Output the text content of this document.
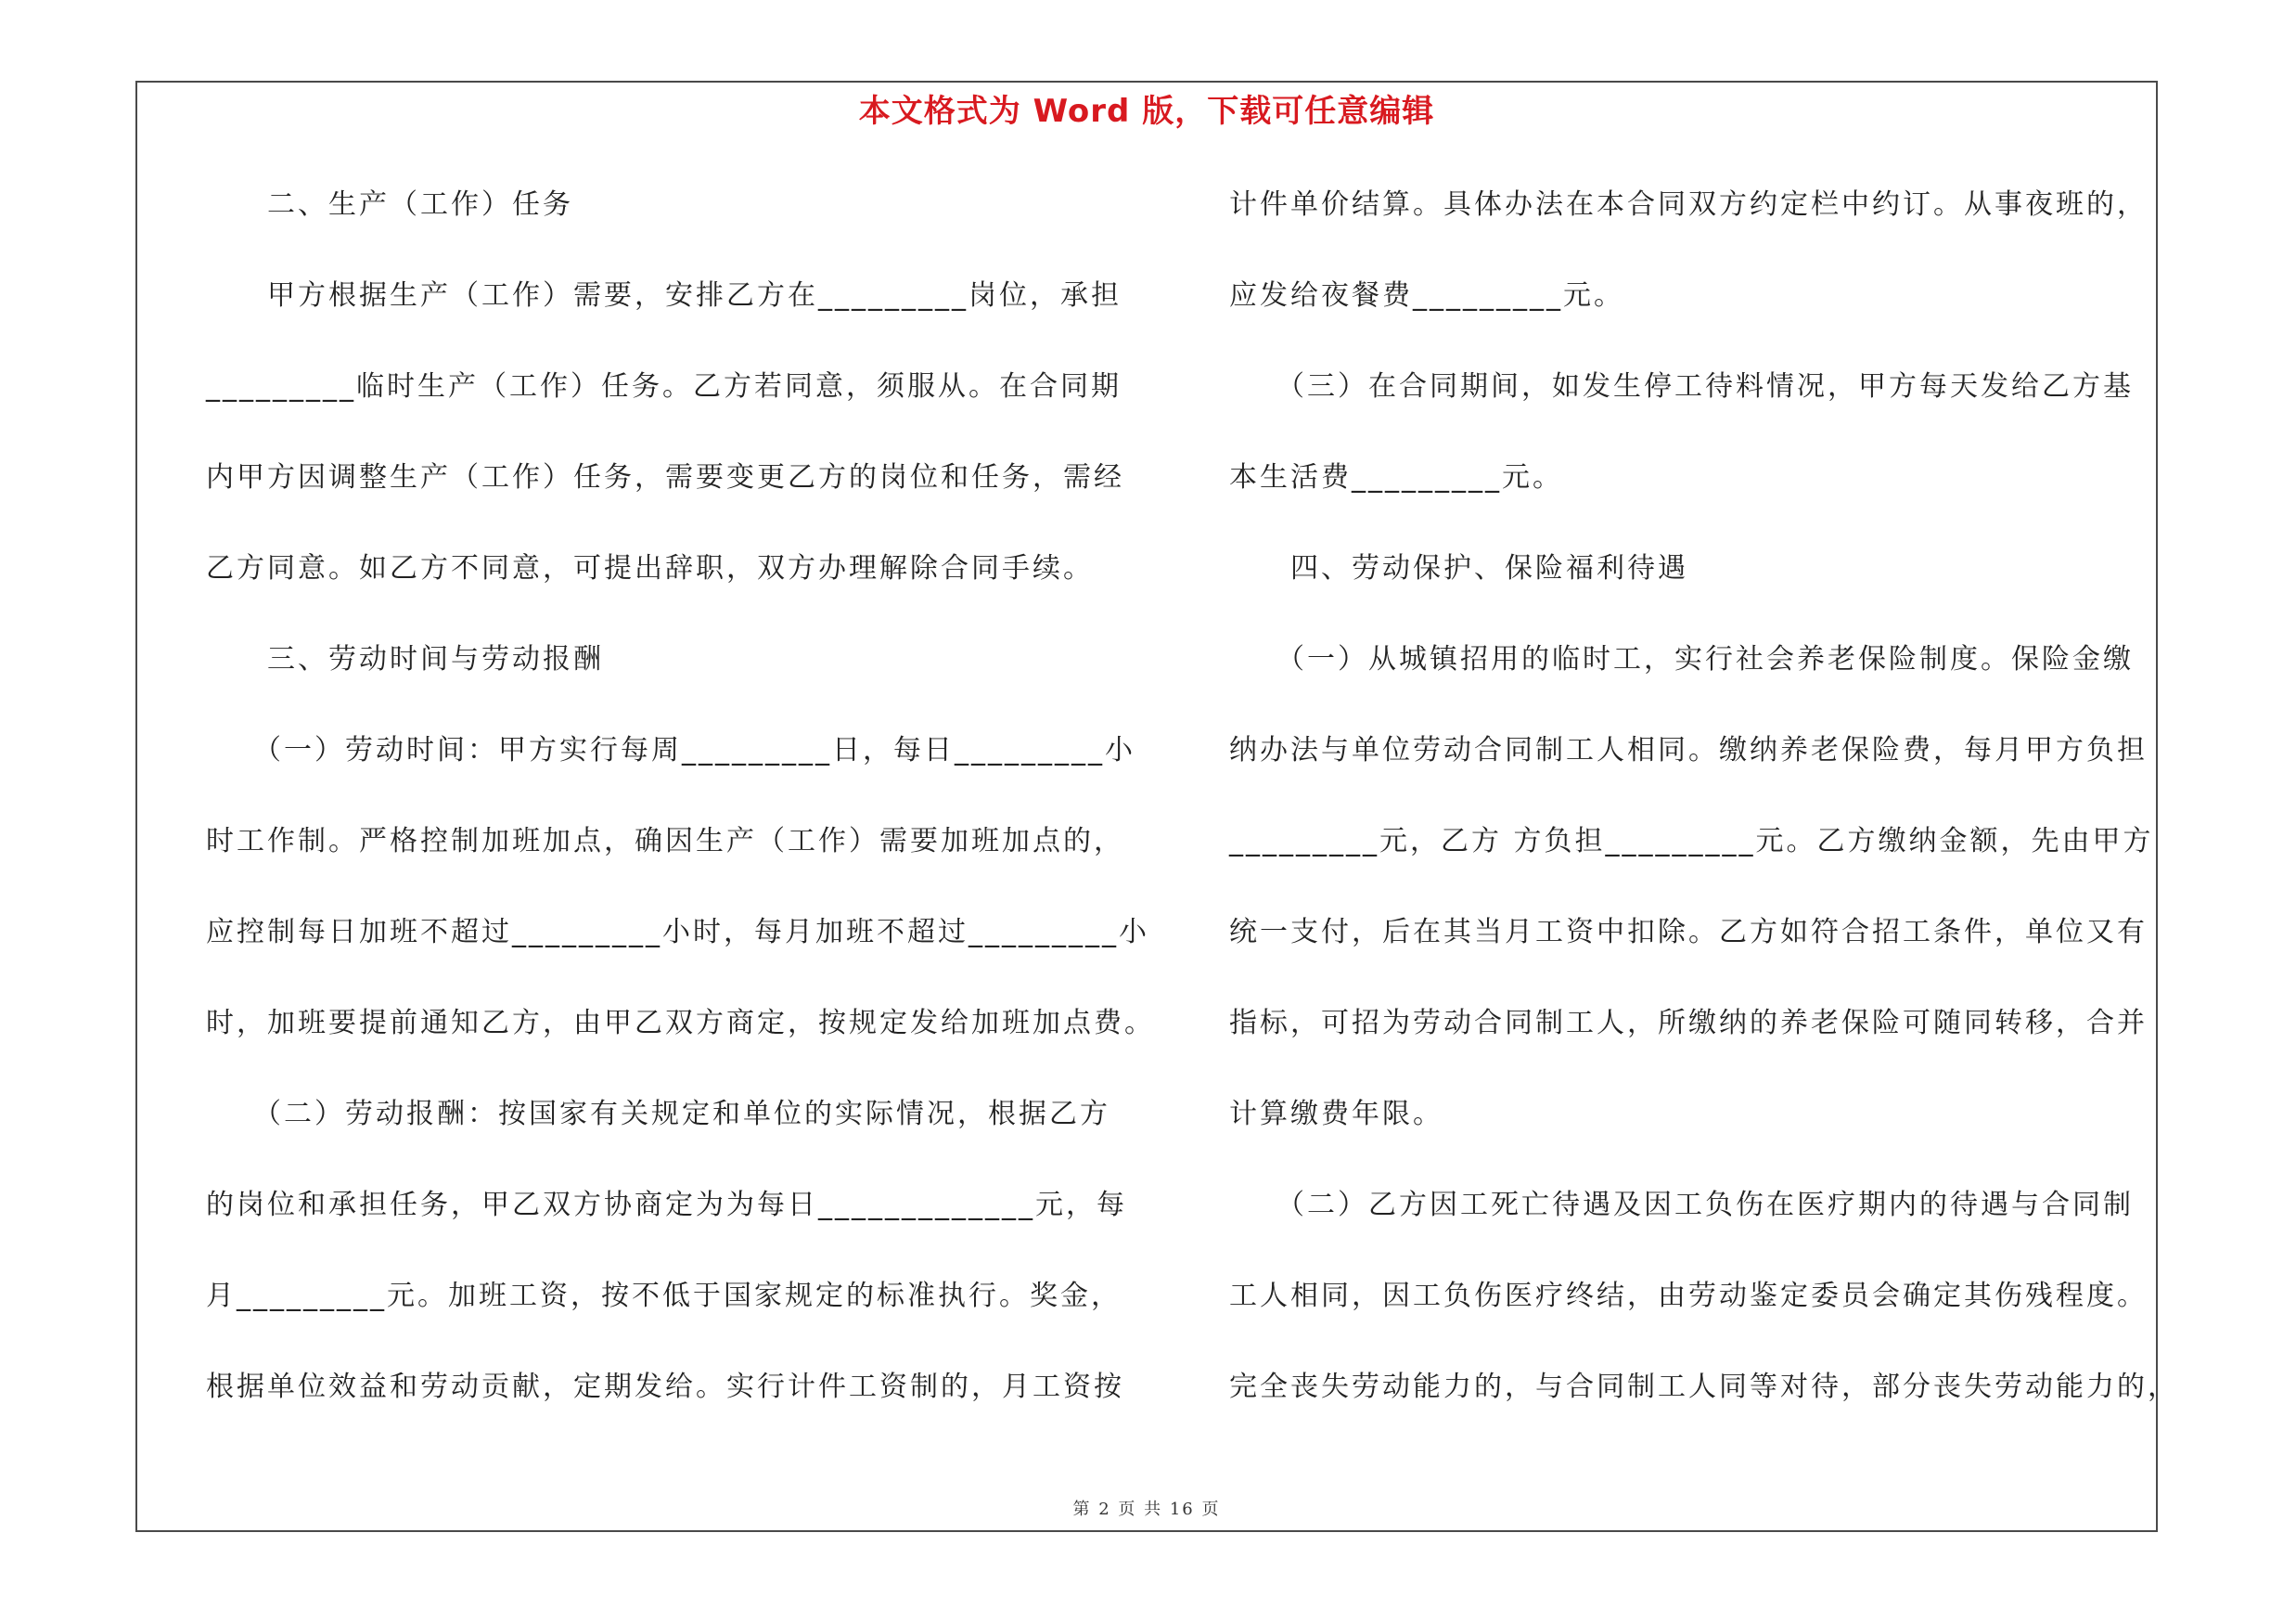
本文格式为 Word 版，下载可任意编辑
　　二、生产（工作）任务
　　甲方根据生产（工作）需要，安排乙方在_________岗位，承担
_________临时生产（工作）任务。乙方若同意，须服从。在合同期
内甲方因调整生产（工作）任务，需要变更乙方的岗位和任务，需经
乙方同意。如乙方不同意，可提出辞职，双方办理解除合同手续。
　　三、劳动时间与劳动报酬
　　（一）劳动时间：甲方实行每周_________日，每日_________小
时工作制。严格控制加班加点，确因生产（工作）需要加班加点的，
应控制每日加班不超过_________小时，每月加班不超过_________小
时，加班要提前通知乙方，由甲乙双方商定，按规定发给加班加点费。
　　（二）劳动报酬：按国家有关规定和单位的实际情况，根据乙方
的岗位和承担任务，甲乙双方协商定为为每日_____________元，每
月_________元。加班工资，按不低于国家规定的标准执行。奖金，
根据单位效益和劳动贡献，定期发给。实行计件工资制的，月工资按
计件单价结算。具体办法在本合同双方约定栏中约订。从事夜班的，
应发给夜餐费_________元。
　　（三）在合同期间，如发生停工待料情况，甲方每天发给乙方基
本生活费_________元。
　　四、劳动保护、保险福利待遇
　　（一）从城镇招用的临时工，实行社会养老保险制度。保险金缴
纳办法与单位劳动合同制工人相同。缴纳养老保险费，每月甲方负担
_________元，乙方 方负担_________元。乙方缴纳金额，先由甲方
统一支付，后在其当月工资中扣除。乙方如符合招工条件，单位又有
指标，可招为劳动合同制工人，所缴纳的养老保险可随同转移，合并
计算缴费年限。
　　（二）乙方因工死亡待遇及因工负伤在医疗期内的待遇与合同制
工人相同，因工负伤医疗终结，由劳动鉴定委员会确定其伤残程度。
完全丧失劳动能力的，与合同制工人同等对待，部分丧失劳动能力的，
第 2 页 共 16 页
